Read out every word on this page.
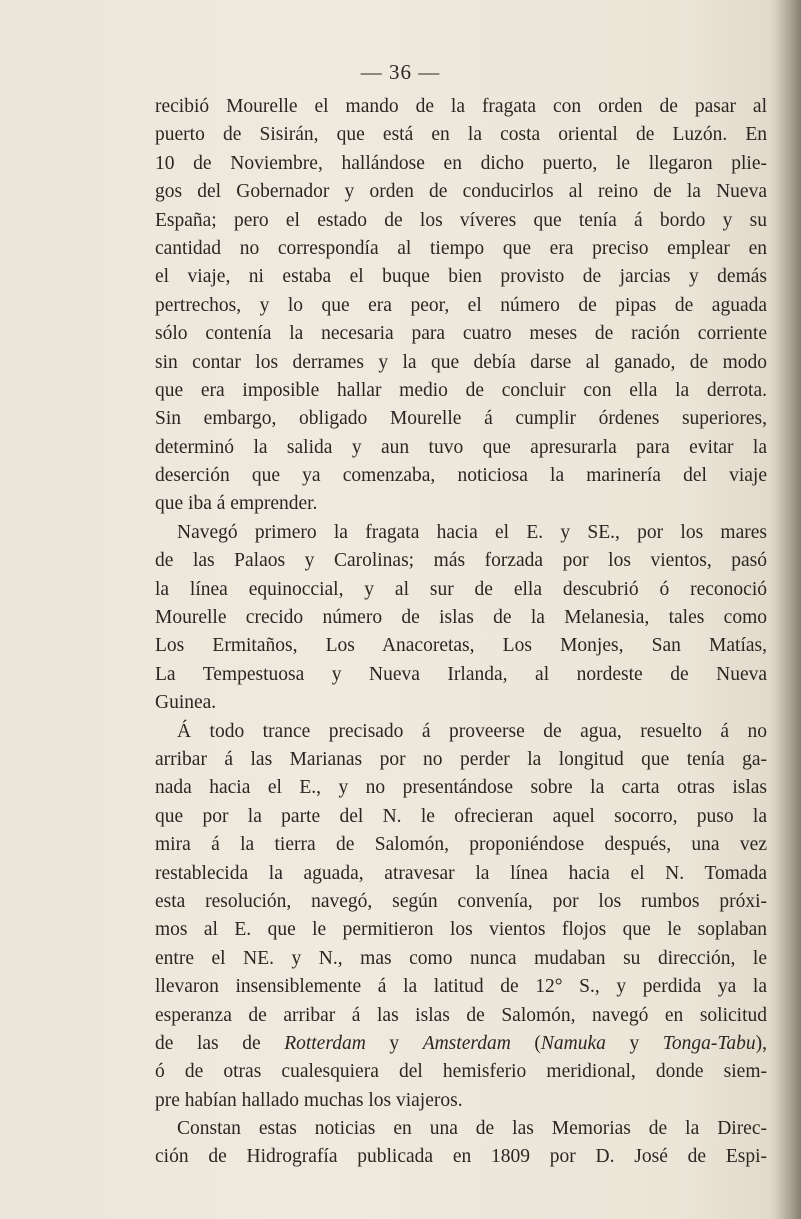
— 36 —
recibió Mourelle el mando de la fragata con orden de pasar al
puerto de Sisirán, que está en la costa oriental de Luzón. En
10 de Noviembre, hallándose en dicho puerto, le llegaron plie-
gos del Gobernador y orden de conducirlos al reino de la Nueva
España; pero el estado de los víveres que tenía á bordo y su
cantidad no correspondía al tiempo que era preciso emplear en
el viaje, ni estaba el buque bien provisto de jarcias y demás
pertrechos, y lo que era peor, el número de pipas de aguada
sólo contenía la necesaria para cuatro meses de ración corriente
sin contar los derrames y la que debía darse al ganado, de modo
que era imposible hallar medio de concluir con ella la derrota.
Sin embargo, obligado Mourelle á cumplir órdenes superiores,
determinó la salida y aun tuvo que apresurarla para evitar la
deserción que ya comenzaba, noticiosa la marinería del viaje
que iba á emprender.
Navegó primero la fragata hacia el E. y SE., por los mares
de las Palaos y Carolinas; más forzada por los vientos, pasó
la línea equinoccial, y al sur de ella descubrió ó reconoció
Mourelle crecido número de islas de la Melanesia, tales como
Los Ermitaños, Los Anacoretas, Los Monjes, San Matías,
La Tempestuosa y Nueva Irlanda, al nordeste de Nueva
Guinea.
Á todo trance precisado á proveerse de agua, resuelto á no
arribar á las Marianas por no perder la longitud que tenía ga-
nada hacia el E., y no presentándose sobre la carta otras islas
que por la parte del N. le ofrecieran aquel socorro, puso la
mira á la tierra de Salomón, proponiéndose después, una vez
restablecida la aguada, atravesar la línea hacia el N. Tomada
esta resolución, navegó, según convenía, por los rumbos próxi-
mos al E. que le permitieron los vientos flojos que le soplaban
entre el NE. y N., mas como nunca mudaban su dirección, le
llevaron insensiblemente á la latitud de 12° S., y perdida ya la
esperanza de arribar á las islas de Salomón, navegó en solicitud
de las de Rotterdam y Amsterdam (Namuka y Tonga-Tabu),
ó de otras cualesquiera del hemisferio meridional, donde siem-
pre habían hallado muchas los viajeros.
Constan estas noticias en una de las Memorias de la Direc-
ción de Hidrografía publicada en 1809 por D. José de Espi-
